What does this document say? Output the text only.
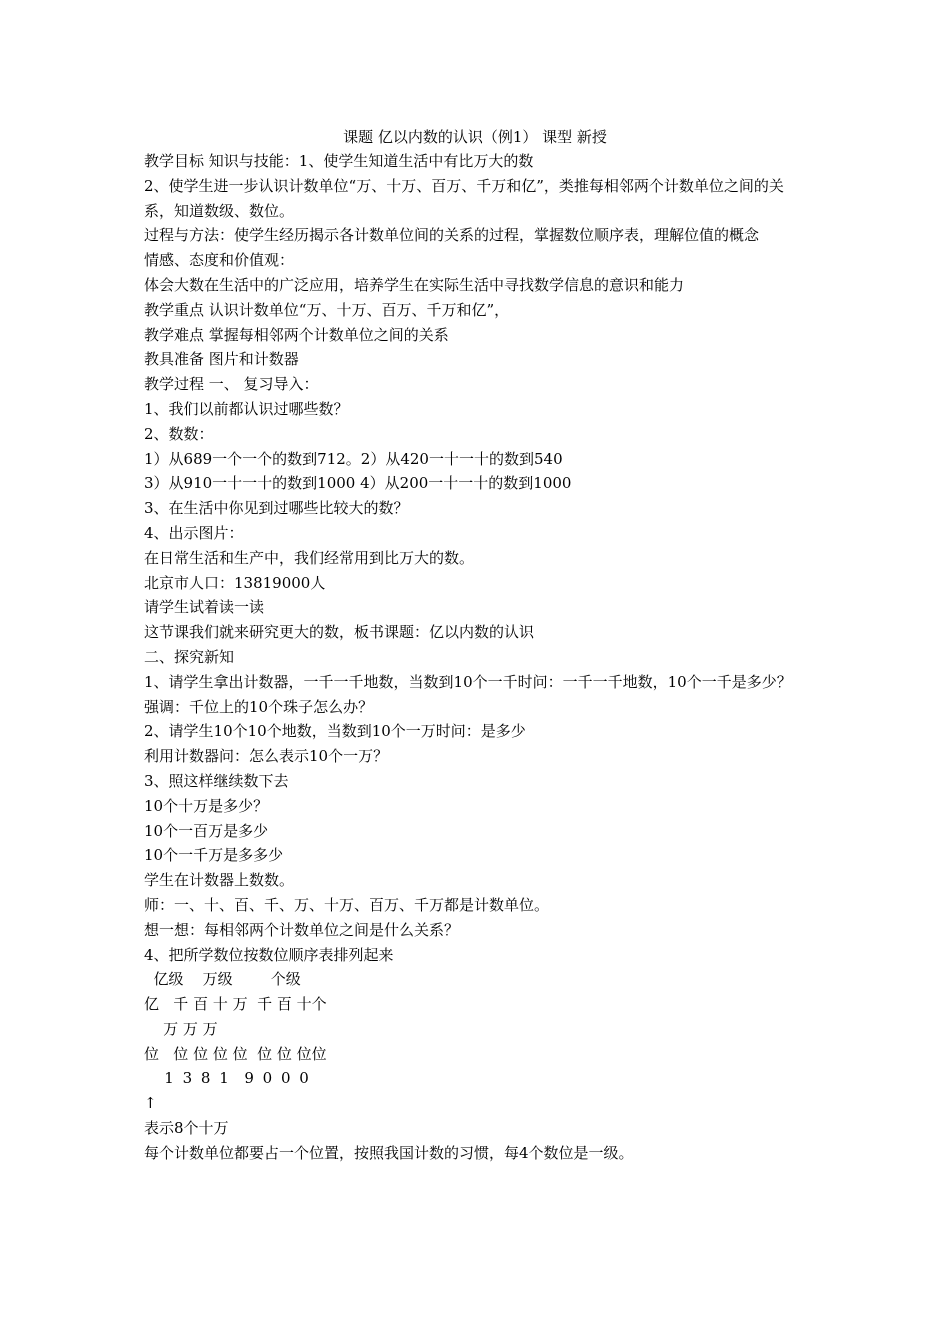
课题 亿以内数的认识（例1） 课型 新授

教学目标 知识与技能：1、使学生知道生活中有比万大的数

2、使学生进一步认识计数单位“万、十万、百万、千万和亿”，类推每相邻两个计数单位之间的关系，知道数级、数位。

过程与方法：使学生经历揭示各计数单位间的关系的过程，掌握数位顺序表，理解位值的概念

情感、态度和价值观：

体会大数在生活中的广泛应用，培养学生在实际生活中寻找数学信息的意识和能力

教学重点 认识计数单位“万、十万、百万、千万和亿”，

教学难点 掌握每相邻两个计数单位之间的关系

教具准备 图片和计数器

教学过程 一、 复习导入：

1、我们以前都认识过哪些数？

2、数数：

1）从689一个一个的数到712。2）从420一十一十的数到540

3）从910一十一十的数到1000 4）从200一十一十的数到1000

3、在生活中你见到过哪些比较大的数？

4、出示图片：

在日常生活和生产中，我们经常用到比万大的数。

北京市人口：13819000人

请学生试着读一读

这节课我们就来研究更大的数，板书课题：亿以内数的认识

二、探究新知

1、请学生拿出计数器，一千一千地数，当数到10个一千时问：一千一千地数，10个一千是多少？

强调：千位上的10个珠子怎么办？

2、请学生10个10个地数，当数到10个一万时问：是多少

利用计数器问：怎么表示10个一万？

3、照这样继续数下去

10个十万是多少？

10个一百万是多少

10个一千万是多多少

学生在计数器上数数。

师：一、十、百、千、万、十万、百万、千万都是计数单位。

想一想：每相邻两个计数单位之间是什么关系？

4、把所学数位按数位顺序表排列起来

亿级    万级        个级

亿   千 百 十 万  千 百 十个

万 万 万

位   位 位 位 位  位 位 位位

1 3 8 1  9 0 0 0

↑

表示8个十万

每个计数单位都要占一个位置，按照我国计数的习惯，每4个数位是一级。
